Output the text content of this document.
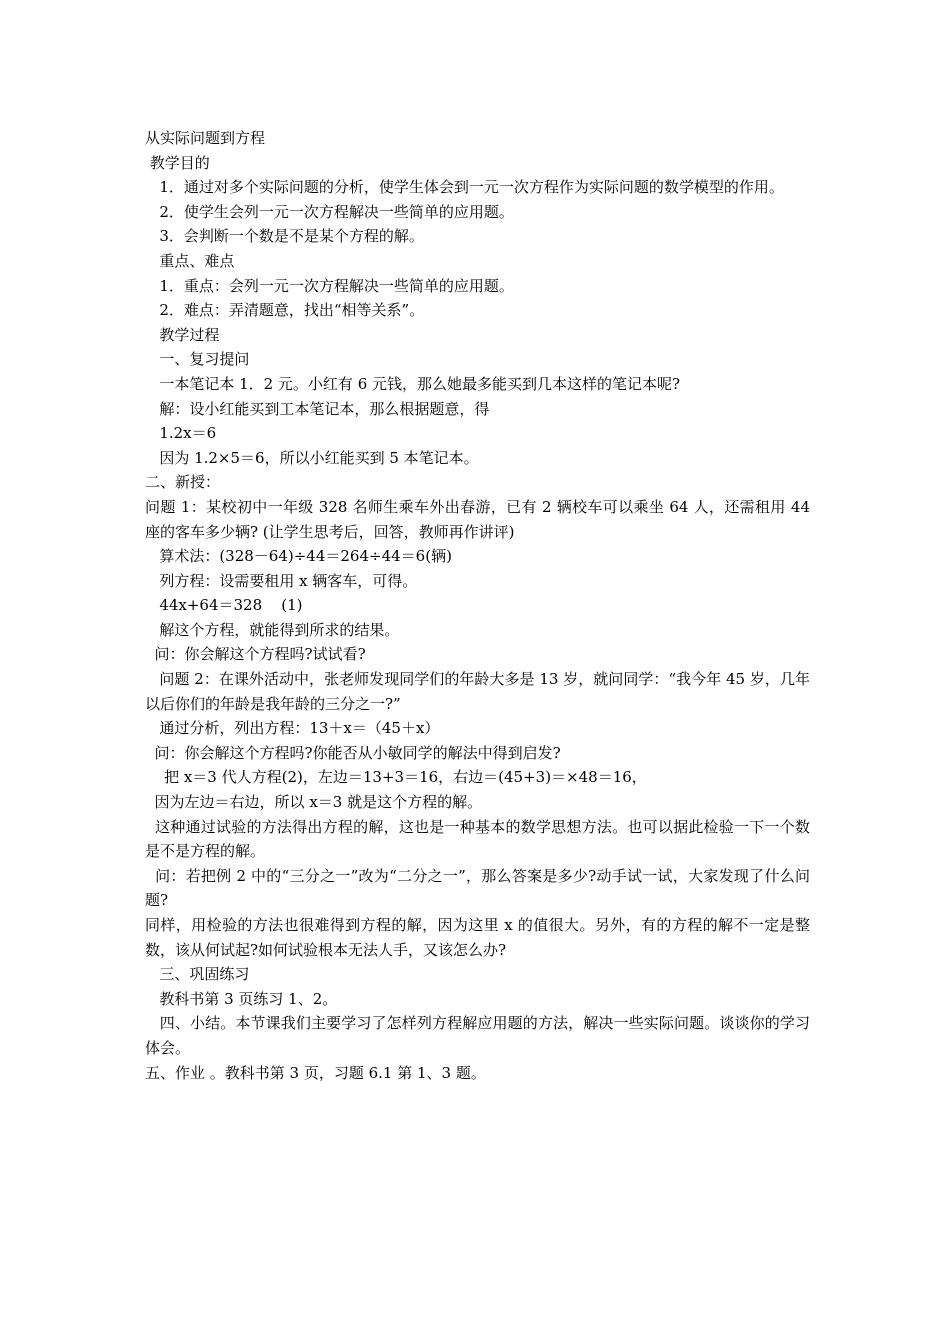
从实际问题到方程

教学目的

1．通过对多个实际问题的分析，使学生体会到一元一次方程作为实际问题的数学模型的作用。

2．使学生会列一元一次方程解决一些简单的应用题。

3．会判断一个数是不是某个方程的解。

重点、难点

1．重点：会列一元一次方程解决一些简单的应用题。

2．难点：弄清题意，找出“相等关系”。

教学过程

一、复习提问

一本笔记本 1．2 元。小红有 6 元钱，那么她最多能买到几本这样的笔记本呢?

解：设小红能买到工本笔记本，那么根据题意，得

1.2x＝6

因为 1.2×5＝6，所以小红能买到 5 本笔记本。

二、新授：

问题 1：某校初中一年级 328 名师生乘车外出春游，已有 2 辆校车可以乘坐 64 人，还需租用 44 座的客车多少辆? (让学生思考后，回答，教师再作讲评)

算术法：(328－64)÷44＝264÷44＝6(辆)

列方程：设需要租用 x 辆客车，可得。

44x+64＝328    (1)

解这个方程，就能得到所求的结果。

问：你会解这个方程吗?试试看?

问题 2：在课外活动中，张老师发现同学们的年龄大多是 13 岁，就问同学：“我今年 45 岁，几年以后你们的年龄是我年龄的三分之一?”

通过分析，列出方程：13＋x＝（45＋x）

问：你会解这个方程吗?你能否从小敏同学的解法中得到启发?

把 x＝3 代人方程(2)，左边＝13+3＝16，右边＝(45+3)＝×48＝16，

因为左边＝右边，所以 x＝3 就是这个方程的解。

这种通过试验的方法得出方程的解，这也是一种基本的数学思想方法。也可以据此检验一下一个数是不是方程的解。

问：若把例 2 中的“三分之一”改为“二分之一”，那么答案是多少?动手试一试，大家发现了什么问题?

同样，用检验的方法也很难得到方程的解，因为这里 x 的值很大。另外，有的方程的解不一定是整数，该从何试起?如何试验根本无法人手，又该怎么办?

三、巩固练习

教科书第 3 页练习 1、2。

四、小结。本节课我们主要学习了怎样列方程解应用题的方法，解决一些实际问题。谈谈你的学习体会。

五、作业 。教科书第 3 页，习题 6.1 第 1、3 题。
